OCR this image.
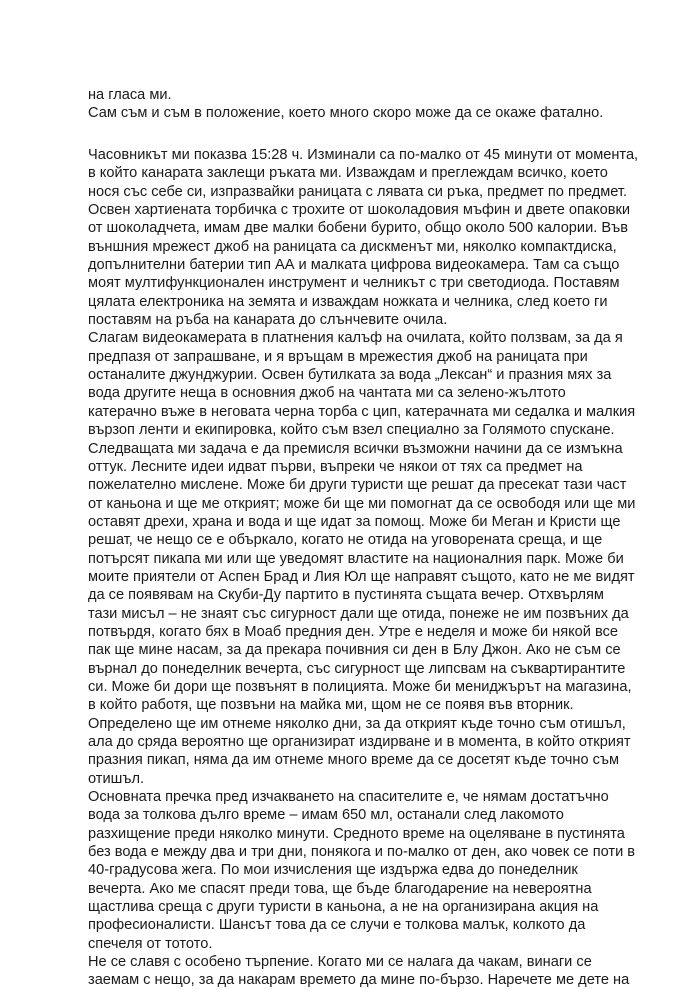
на гласа ми.
Сам съм и съм в положение, което много скоро може да се окаже фатално.
Часовникът ми показва 15:28 ч. Изминали са по-малко от 45 минути от момента,
в който канарата заклещи ръката ми. Изваждам и преглеждам всичко, което
нося със себе си, изпразвайки раницата с лявата си ръка, предмет по предмет.
Освен хартиената торбичка с трохите от шоколадовия мъфин и двете опаковки
от шоколадчета, имам две малки бобени бурито, общо около 500 калории. Във
външния мрежест джоб на раницата са дискменът ми, няколко компактдиска,
допълнителни батерии тип АА и малката цифрова видеокамера. Там са също
моят мултифункционален инструмент и челникът с три светодиода. Поставям
цялата електроника на земята и изваждам ножката и челника, след което ги
поставям на ръба на канарата до слънчевите очила.
Слагам видеокамерата в платнения калъф на очилата, който ползвам, за да я
предпазя от запрашване, и я връщам в мрежестия джоб на раницата при
останалите джунджурии. Освен бутилката за вода „Лексан“ и празния мях за
вода другите неща в основния джоб на чантата ми са зелено-жълтото
катерачно въже в неговата черна торба с цип, катерачната ми седалка и малкия
вързоп ленти и екипировка, който съм взел специално за Голямото спускане.
Следващата ми задача е да премисля всички възможни начини да се измъкна
оттук. Лесните идеи идват първи, въпреки че някои от тях са предмет на
пожелателно мислене. Може би други туристи ще решат да пресекат тази част
от каньона и ще ме открият; може би ще ми помогнат да се освободя или ще ми
оставят дрехи, храна и вода и ще идат за помощ. Може би Меган и Кристи ще
решат, че нещо се е объркало, когато не отида на уговорената среща, и ще
потърсят пикапа ми или ще уведомят властите на националния парк. Може би
моите приятели от Аспен Брад и Лия Юл ще направят същото, като не ме видят
да се появявам на Скуби-Ду партито в пустинята същата вечер. Отхвърлям
тази мисъл – не знаят със сигурност дали ще отида, понеже не им позвъних да
потвърдя, когато бях в Моаб предния ден. Утре е неделя и може би някой все
пак ще мине насам, за да прекара почивния си ден в Блу Джон. Ако не съм се
върнал до понеделник вечерта, със сигурност ще липсвам на съквартирантите
си. Може би дори ще позвънят в полицията. Може би мениджърът на магазина,
в който работя, ще позвъни на майка ми, щом не се появя във вторник.
Определено ще им отнеме няколко дни, за да открият къде точно съм отишъл,
ала до сряда вероятно ще организират издирване и в момента, в който открият
празния пикап, няма да им отнеме много време да се досетят къде точно съм
отишъл.
Основната пречка пред изчакването на спасителите е, че нямам достатъчно
вода за толкова дълго време – имам 650 мл, останали след лакомото
разхищение преди няколко минути. Средното време на оцеляване в пустинята
без вода е между два и три дни, понякога и по-малко от ден, ако човек се поти в
40-градусова жега. По мои изчисления ще издържа едва до понеделник
вечерта. Ако ме спасят преди това, ще бъде благодарение на невероятна
щастлива среща с други туристи в каньона, а не на организирана акция на
професионалисти. Шансът това да се случи е толкова малък, колкото да
спечеля от тотото.
Не се славя с особено търпение. Когато ми се налага да чакам, винаги се
заемам с нещо, за да накарам времето да мине по-бързо. Наречете ме дете на
